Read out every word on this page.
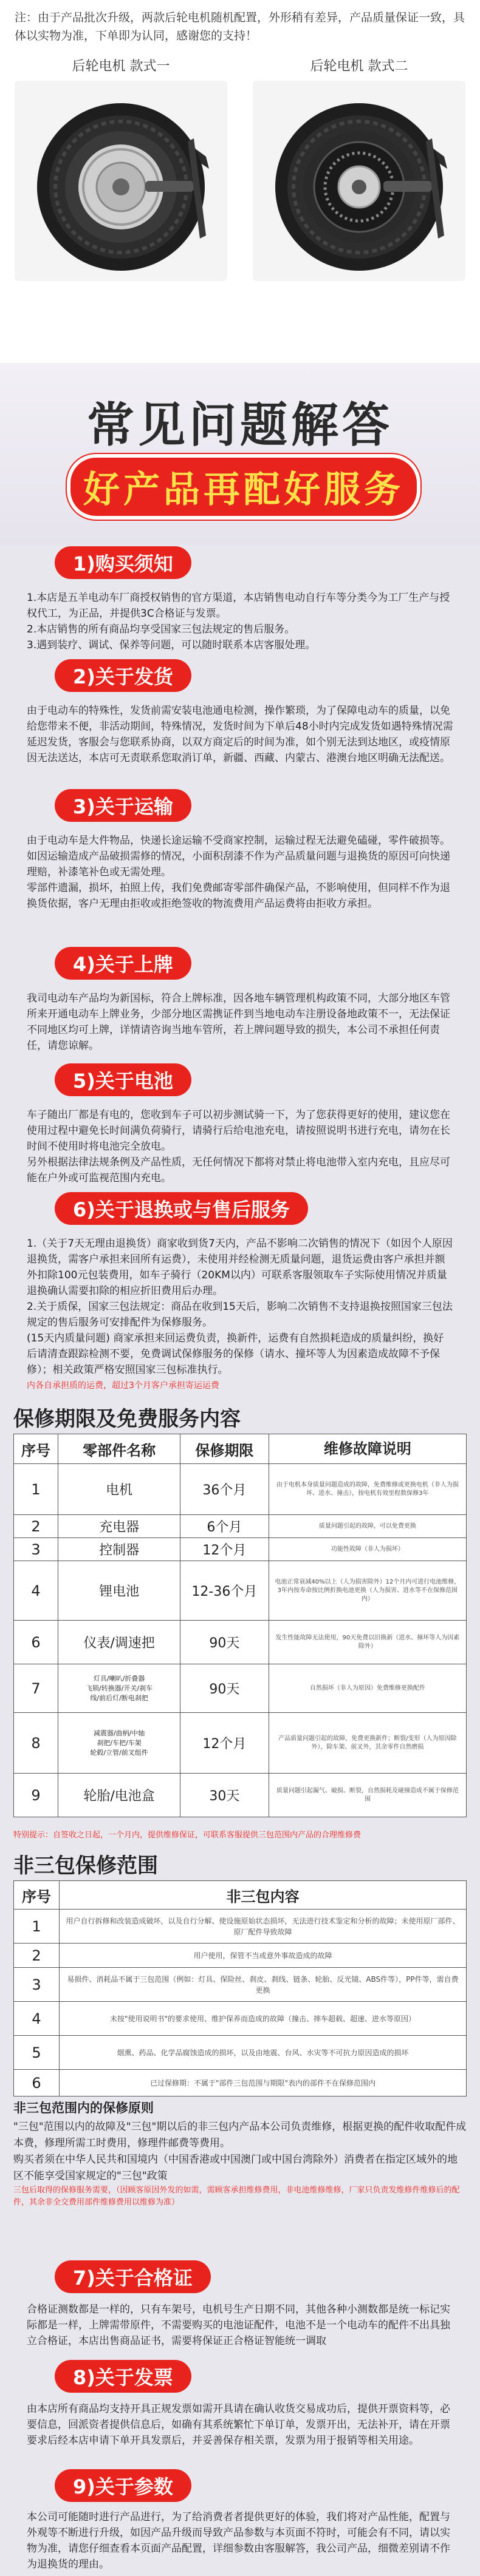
注：由于产品批次升级，两款后轮电机随机配置，外形稍有差异，产品质量保证一致，具体以实物为准，下单即为认同，感谢您的支持！
后轮电机 款式一	后轮电机 款式二
常见问题解答
好产品再配好服务
1)购买须知

1.本店是五羊电动车厂商授权销售的官方渠道，本店销售电动自行车等分类今为工厂生产与授权代工，为正品，并提供3C合格证与发票。

2.本店销售的所有商品均享受国家三包法规定的售后服务。

3.遇到装疗、调试、保养等问题，可以随时联系本店客服处理。

2)关于发货

由于电动车的特殊性，发货前需安装电池通电检测，操作繁琐，为了保障电动车的质量，以免给您带来不便，非活动期间，特殊情况，发货时间为下单后48小时内完成发货如遇特殊情况需延迟发货，客服会与您联系协商，以双方商定后的时间为准，如个别无法到达地区，或疫情原因无法送达，本店可无责联系您取消订单，新疆、西藏、内蒙古、港澳台地区明确无法配送。

3)关于运输

由于电动车是大件物品，快递长途运输不受商家控制，运输过程无法避免磕碰，零件破损等。

如因运输造成产品破损需修的情况，小面积刮漆不作为产品质量问题与退换货的原因可向快递理赔，补漆笔补色或无需处理。

零部件遗漏，损坏，拍照上传，我们免费邮寄零部件确保产品，不影响使用，但同样不作为退换货依据，客户无理由拒收或拒绝签收的物流费用产品运费将由拒收方承担。

4)关于上牌

我司电动车产品均为新国标，符合上牌标准，因各地车辆管理机构政策不同，大部分地区车管所来开通电动车上牌业务，少部分地区需携证件到当地电动车注册设备地政策不一，无法保证不同地区均可上牌，详情请咨询当地车管所，若上牌问题导致的损失，本公司不承担任何责任，请您谅解。

5)关于电池

车子随出厂都是有电的，您收到车子可以初步测试骑一下，为了您获得更好的使用，建议您在使用过程中避免长时间满负荷骑行，请骑行后给电池充电，请按照说明书进行充电，请勿在长时间不使用时将电池完全放电。

另外根据法律法规条例及产品性质，无任何情况下都将对禁止将电池带入室内充电，且应尽可能在户外或可监视范围内充电。

6)关于退换或与售后服务

1.（关于7天无理由退换货）商家收到货7天内，产品不影响二次销售的情况下（如因个人原因退换货，需客户承担来回所有运费），未使用并经检测无质量问题，退货运费由客户承担并额外扣除100元包装费用，如车子骑行（20KM以内）可联系客服领取车子实际使用情况并质量退换确认需要扣除的相应折旧费用后办理。

2.关于质保，国家三包法规定：商品在收到15天后，影响二次销售不支持退换按照国家三包法规定的售后服务可安排配件为保修服务。

(15天内质量问题) 商家承担来回运费负责，换新件，运费有自然损耗造成的质量纠纷，换好后请清查跟踪检测不要，免费调试保修服务的保修（请水、撞坏等人为因素造成故障不予保修）；相关政策严格安照国家三包标准执行。

内各自承担质的运费，超过3个月客户承担寄运运费

保修期限及免费服务内容
序号	零部件名称	保修期限	维修故障说明
1	电机	36个月	由于电机本身质量问题造成的故障，免费维修或更换电机（非人为损坏、进水、撞击），按电机有效里程数保修3年
2	充电器	6个月	质量问题引起的故障，可以免费更换
3	控制器	12个月	功能性故障（非人为损坏）
4	锂电池	12-36个月	电池正常衰减40%以上（人为损害除外）12个月内可进行电池维修，3年内按寿命按比例折换电池更换（人为损害、进水等不在保修范围内）
6	仪表/调速把	90天	发生性能故障无法使用，90天免费以旧换新（进水、撞坏等人为因素除外）
7	灯具/喇叭/折叠器
飞锁/转换器/开关/刹车
线/前后灯/断电刹把	90天	自然损坏（非人为原因）免费维修更换配件
8	减震器/曲柄/中轴
刹把/车把/车架
轮毂/立管/前叉组件	12个月	产品质量问题引起的故障，免费更换新件；断裂/变形（人为原因除外），除车架、前叉外，其余零件自然磨损
9	轮胎/电池盒	30天	质量问题引起漏气、破损、断裂，自然损耗及碰撞造成不属于保修范围
特别提示：自签收之日起，一个月内，提供维修保证，可联系客服提供三包范围内产品的合理维修费
非三包保修范围
序号	非三包内容
1	用户自行拆修和改装造成破坏，以及自行分解、使设施原始状态损坏，无法进行技术鉴定和分析的故障；未使用原厂部件、原厂配件导致故障
2	用户使用，保管不当或意外事故造成的故障
3	易损件、消耗品不属于三包范围（例如：灯具、保险丝、刹皮、刹线、链条、轮胎、反光镜、ABS件等），PP件等，需自费更换
4	未按"使用说明书"的要求使用、维护保养而造成的故障（撞击、摔车超载、超速、进水等原因）
5	烟熏、药品、化学品腐蚀造成的损坏，以及由地震、台风、水灾等不可抗力原因造成的损坏
6	已过保修期：不属于"部件三包范围与期限"表内的部件不在保修范围内
非三包范围内的保修原则

"三包"范围以内的故障及"三包"期以后的非三包内产品本公司负责维修，根据更换的配件收取配件成本费，修理所需工时费用，修理件邮费等费用。

购买者须在中华人民共和国境内（中国香港或中国澳门或中国台湾除外）消费者在指定区域外的地区不能享受国家规定的"三包"政策

三包后取得的保修服务需要，（因顾客原因外发的如需，需顾客承担维修费用，非电池维修维修，厂家只负责发维修件维修后的配件，其余非全交费用部件维修费用以维修为准）

7)关于合格证

合格证测数都是一样的，只有车架号，电机号生产日期不同，其他各种小测数都是统一标记实际都是一样，上牌需带原件，不需要购买的电池证配件，电池不是一个电动车的配件不出具独立合格证，本店出售商品证书，需要将保证正合格证智能统一调取

8)关于发票

由本店所有商品均支持开具正规发票如需开具请在确认收货交易成功后，提供开票资料等，必要信息，回派资者提供信息后，如确有其系统繁忙下单订单，发票开出，无法补开，请在开票要求后经本店申请下单开具发票后，并妥善保存相关票，发票为用于报销等相关用途。

9)关于参数

本公司可能随时进行产品进行，为了给消费者者提供更好的体验，我们将对产品性能，配置与外观等不断进行升级，如因产品升级而导致产品参数与本页面不符时，可能会有不同，请以实物为准，请您仔细查看本页面产品配置，详细参数由客服解答，我公司产品，细微差别请不作为退换货的理由。
